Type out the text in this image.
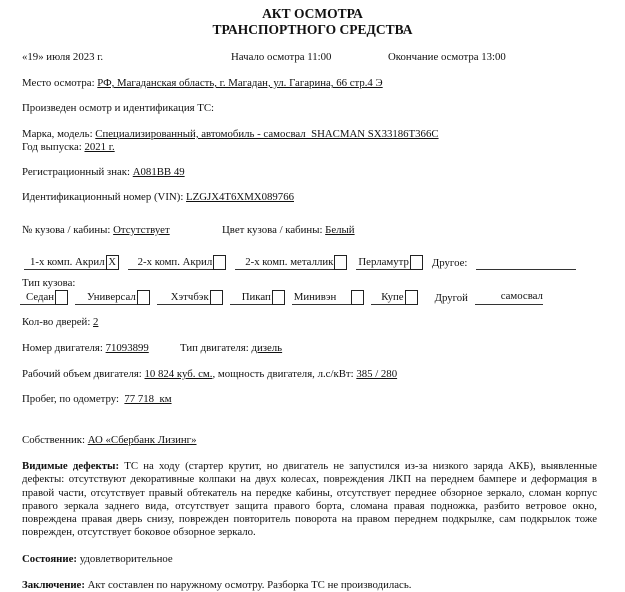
АКТ ОСМОТРА
ТРАНСПОРТНОГО СРЕДСТВА
«19» июля 2023 г.	Начало осмотра 11:00	Окончание осмотра 13:00
Место осмотра: РФ, Магаданская область, г. Магадан, ул. Гагарина, 66 стр.4 Э
Произведен осмотр и идентификация ТС:
Марка, модель: Специализированный, автомобиль - самосвал  SHACMAN SX33186T366C
Год выпуска: 2021 г.
Регистрационный знак: А081ВВ 49
Идентификационный номер (VIN): LZGJX4T6XMX089766
№ кузова / кабины: Отсутствует	Цвет кузова / кабины: Белый
1-х комп. Акрил X 2-х комп. Акрил	2-х комп. металлик Перламутр Другое:
Тип кузова:
Седан	Универсал	Хэтчбэк	Пикап Минивэн	Купе	Другой	самосвал
Кол-во дверей: 2
Номер двигателя: 71093899	Тип двигателя: дизель
Рабочий объем двигателя: 10 824 куб. см., мощность двигателя, л.с/кВт: 385 / 280
Пробег, по одометру:  77 718  км
Собственник: АО «Сбербанк Лизинг»

Видимые дефекты: ТС на ходу (стартер крутит, но двигатель не запустился из-за низкого заряда АКБ), выявленные дефекты: отсутствуют декоративные колпаки на двух колесах, повреждения ЛКП на переднем бампере и деформация в правой части, отсутствует правый обтекатель на передке кабины, отсутствует переднее обзорное зеркало, сломан корпус правого зеркала заднего вида, отсутствует защита правого борта, сломана правая подножка, разбито ветровое окно, повреждена правая дверь снизу, поврежден повторитель поворота на правом переднем подкрылке, сам подкрылок тоже поврежден, отсутствует боковое обзорное зеркало.

Состояние: удовлетворительное
Заключение: Акт составлен по наружному осмотру. Разборка ТС не производилась.
